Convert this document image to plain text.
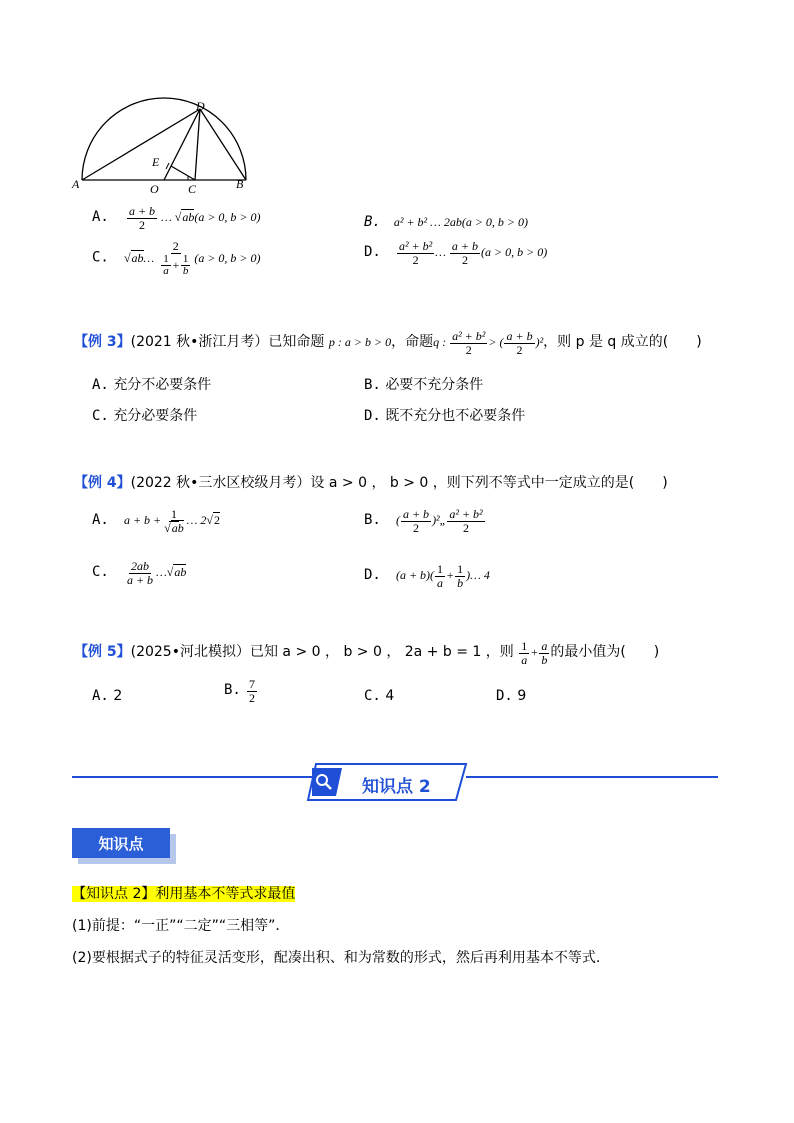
A	O C	B
D
E
A. $\frac{a + b}{2}$ … √ab(a > 0, b > 0)	B. a² + b² … 2ab(a > 0, b > 0)
C. √ab… $\frac{2}{\frac{1}{a} + \frac{1}{b}} (a > 0$, b > 0)	D. $\frac{\text{a² + b²}}{2}$ … $\frac{a + b}{2} (a > 0$, b > 0)
【例 3】(2021 秋•浙江月考）已知命题 p : a > b > 0，命题q : $\frac{\text{a² + b²}}{2}$ > ( $\frac{a + b}{2} )^2$，则 p 是 q 成立的(　　)
A. 充分不必要条件	B. 必要不充分条件
C. 充分必要条件	D. 既不充分也不必要条件
【例 4】(2022 秋•三水区校级月考）设 a > 0 ， b > 0 ，则下列不等式中一定成立的是(　　)
A. $a + b + \frac{1}{√ab}$ … 2√2	B. ( $\frac{a + b}{2}$ )²„ $\frac{\text{a² + b²}}{2}$
C. $\frac{2ab}{a + b}$ …√ab	D. $(a + b)( \frac{1}{a} + \frac{1}{b}$ )… 4
【例 5】(2025•河北模拟）已知 a > 0 ， b > 0 ， 2a + b = 1 ，则 $\frac{1}{a} + \frac{a}{b}$ 的最小值为(　　)
A. 2	B. $\frac{7}{2}$	C. 4	D. 9
知识点 2
知识点
【知识点 2】利用基本不等式求最值
(1)前提：“一正”“二定”“三相等”．
(2)要根据式子的特征灵活变形，配凑出积、和为常数的形式，然后再利用基本不等式.
